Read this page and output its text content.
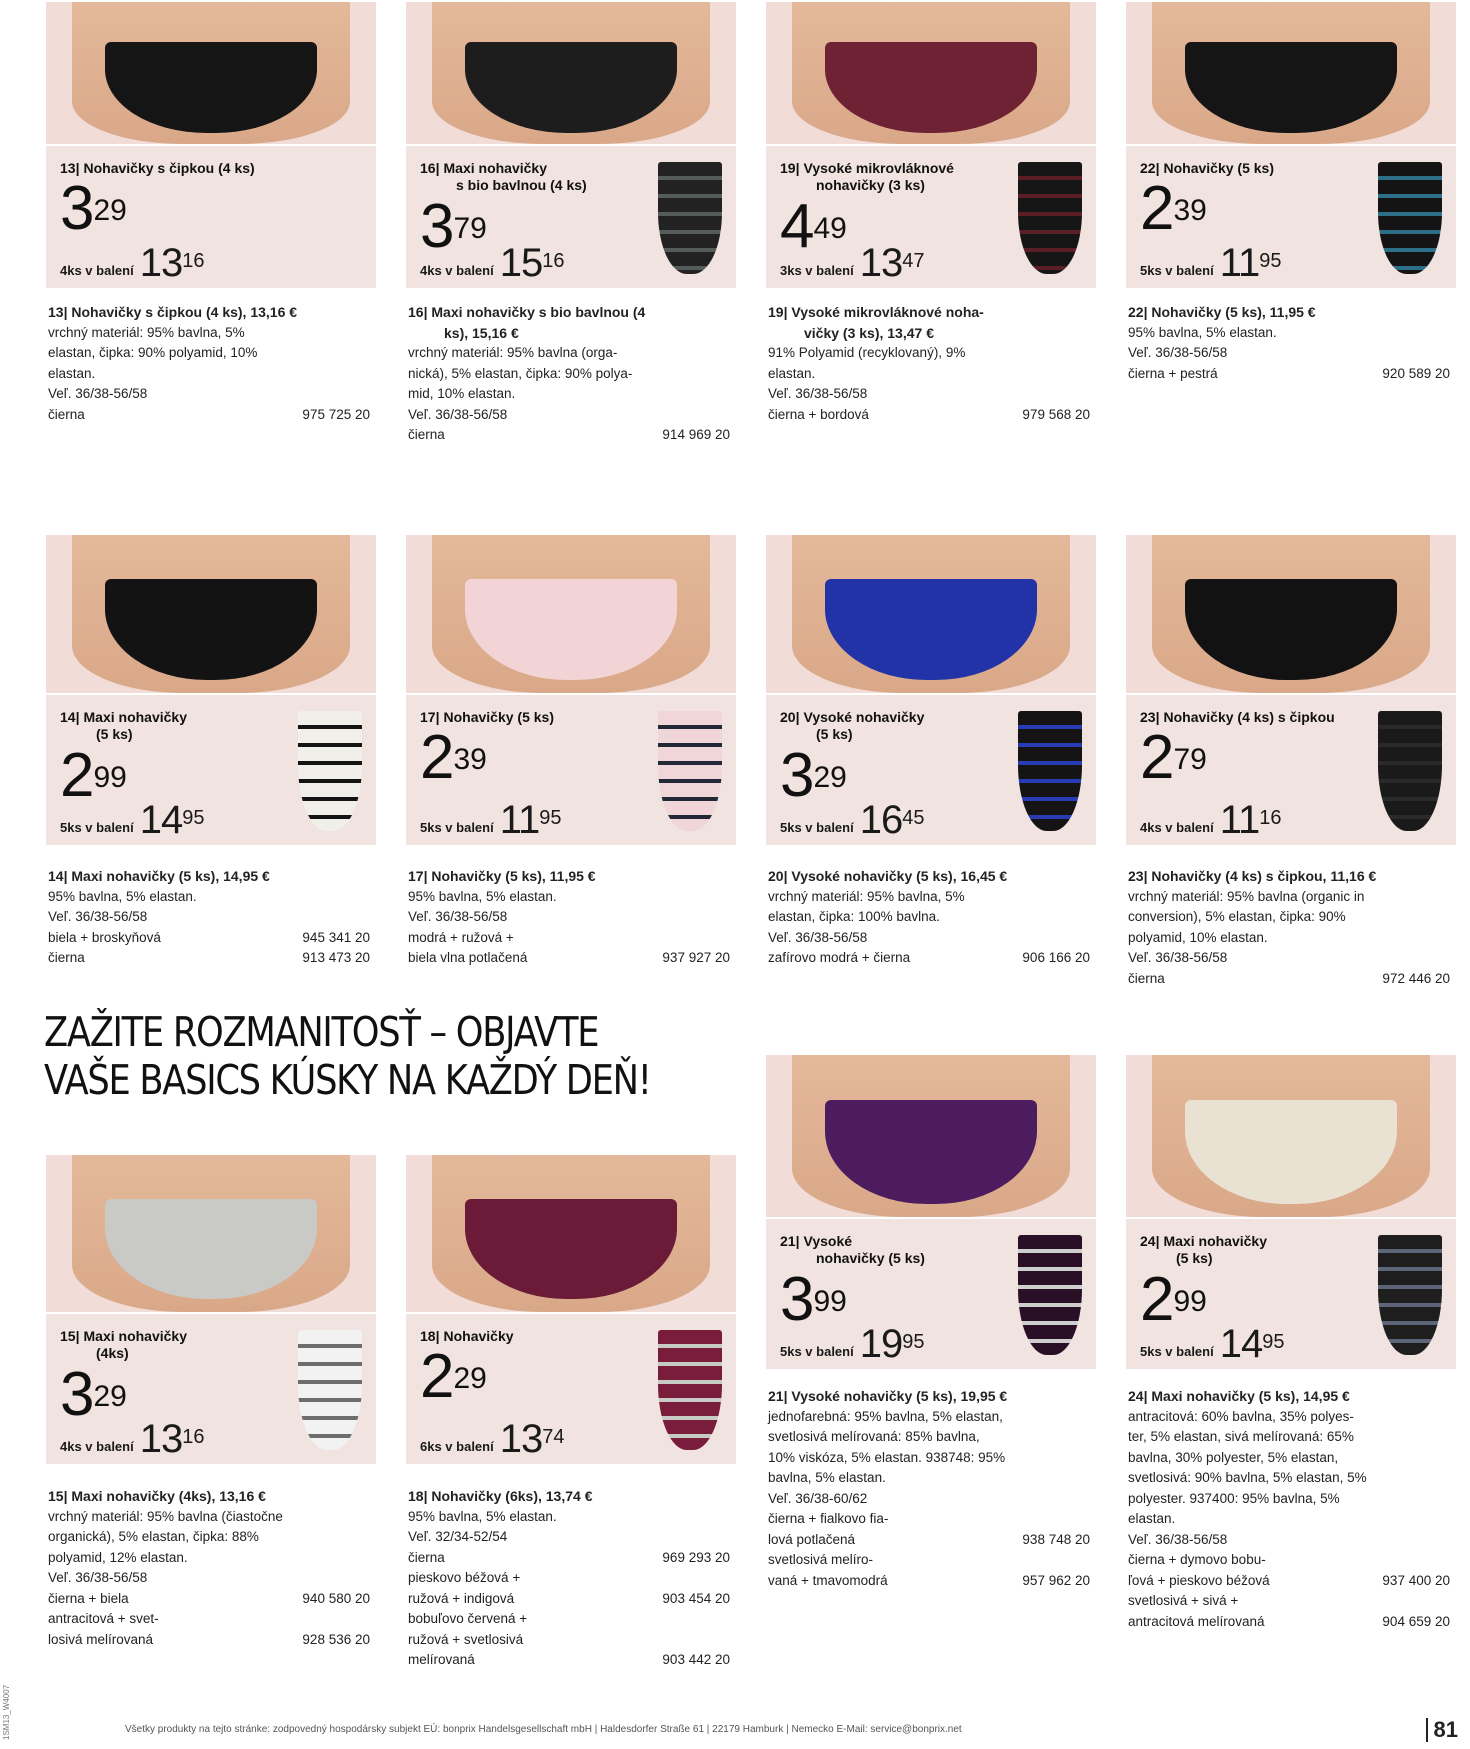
13| Nohavičky s čipkou (4 ks)
$3^{29}$
4ks v balení $13^{16}$
13| Nohavičky s čipkou (4 ks), 13,16 €
vrchný materiál: 95% bavlna, 5%
elastan, čipka: 90% polyamid, 10%
elastan.
Veľ. 36/38-56/58
čierna	975 725 20
16| Maxi nohavičky
s bio bavlnou (4 ks)
$3^{79}$
4ks v balení $15^{16}$
16| Maxi nohavičky s bio bavlnou (4
ks), 15,16 €
vrchný materiál: 95% bavlna (orga-
nická), 5% elastan, čipka: 90% polya-
mid, 10% elastan.
Veľ. 36/38-56/58
čierna	914 969 20
19| Vysoké mikrovláknové
nohavičky (3 ks)
$4^{49}$
3ks v balení $13^{47}$
19| Vysoké mikrovláknové noha-
vičky (3 ks), 13,47 €
91% Polyamid (recyklovaný), 9%
elastan.
Veľ. 36/38-56/58
čierna + bordová	979 568 20
22| Nohavičky (5 ks)
$2^{39}$
5ks v balení $11^{95}$
22| Nohavičky (5 ks), 11,95 €
95% bavlna, 5% elastan.
Veľ. 36/38-56/58
čierna + pestrá	920 589 20
14| Maxi nohavičky
(5 ks)
$2^{99}$
5ks v balení $14^{95}$
14| Maxi nohavičky (5 ks), 14,95 €
95% bavlna, 5% elastan.
Veľ. 36/38-56/58
biela + broskyňová	945 341 20
čierna	913 473 20
17| Nohavičky (5 ks)
$2^{39}$
5ks v balení $11^{95}$
17| Nohavičky (5 ks), 11,95 €
95% bavlna, 5% elastan.
Veľ. 36/38-56/58
modrá + ružová +
biela vlna potlačená	937 927 20
20| Vysoké nohavičky
(5 ks)
$3^{29}$
5ks v balení $16^{45}$
20| Vysoké nohavičky (5 ks), 16,45 €
vrchný materiál: 95% bavlna, 5%
elastan, čipka: 100% bavlna.
Veľ. 36/38-56/58
zafírovo modrá + čierna	906 166 20
23| Nohavičky (4 ks) s čipkou
$2^{79}$
4ks v balení $11^{16}$
23| Nohavičky (4 ks) s čipkou, 11,16 €
vrchný materiál: 95% bavlna (organic in
conversion), 5% elastan, čipka: 90%
polyamid, 10% elastan.
Veľ. 36/38-56/58
čierna	972 446 20
15| Maxi nohavičky
(4ks)
$3^{29}$
4ks v balení $13^{16}$
15| Maxi nohavičky (4ks), 13,16 €
vrchný materiál: 95% bavlna (čiastočne
organická), 5% elastan, čipka: 88%
polyamid, 12% elastan.
Veľ. 36/38-56/58
čierna + biela	940 580 20
antracitová + svet-
losivá melírovaná	928 536 20
18| Nohavičky
$2^{29}$
6ks v balení $13^{74}$
18| Nohavičky (6ks), 13,74 €
95% bavlna, 5% elastan.
Veľ. 32/34-52/54
čierna	969 293 20
pieskovo béžová +
ružová + indigová	903 454 20
bobuľovo červená +
ružová + svetlosivá
melírovaná	903 442 20
21| Vysoké
nohavičky (5 ks)
$3^{99}$
5ks v balení $19^{95}$
21| Vysoké nohavičky (5 ks), 19,95 €
jednofarebná: 95% bavlna, 5% elastan,
svetlosivá melírovaná: 85% bavlna,
10% viskóza, 5% elastan. 938748: 95%
bavlna, 5% elastan.
Veľ. 36/38-60/62
čierna + fialkovo fia-
lová potlačená	938 748 20
svetlosivá melíro-
vaná + tmavomodrá	957 962 20
24| Maxi nohavičky
(5 ks)
$2^{99}$
5ks v balení $14^{95}$
24| Maxi nohavičky (5 ks), 14,95 €
antracitová: 60% bavlna, 35% polyes-
ter, 5% elastan, sivá melírovaná: 65%
bavlna, 30% polyester, 5% elastan,
svetlosivá: 90% bavlna, 5% elastan, 5%
polyester. 937400: 95% bavlna, 5%
elastan.
Veľ. 36/38-56/58
čierna + dymovo bobu-
ľová + pieskovo béžová	937 400 20
svetlosivá + sivá +
antracitová melírovaná	904 659 20
ZAŽITE ROZMANITOSŤ – OBJAVTE
VAŠE BASICS KÚSKY NA KAŽDÝ DEŇ!
1SM13_W4007	Všetky produkty na tejto stránke: zodpovedný hospodársky subjekt EÚ: bonprix Handelsgesellschaft mbH | Haldesdorfer Straße 61 | 22179 Hamburk | Nemecko E-Mail: service@bonprix.net	81
